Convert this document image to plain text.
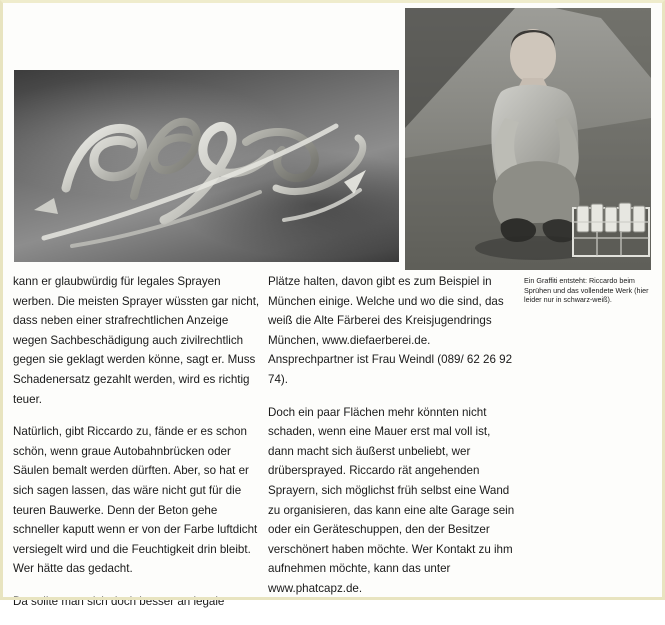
kann er glaubwürdig für legales Sprayen werben. Die meisten Sprayer wüssten gar nicht, dass neben einer strafrechtlichen Anzeige wegen Sachbeschädigung auch zivilrechtlich gegen sie geklagt werden könne, sagt er. Muss Schadenersatz gezahlt werden, wird es richtig teuer.

Natürlich, gibt Riccardo zu, fände er es schon schön, wenn graue Autobahnbrücken oder Säulen bemalt werden dürften. Aber, so hat er sich sagen lassen, das wäre nicht gut für die teuren Bauwerke. Denn der Beton gehe schneller kaputt wenn er von der Farbe luftdicht versiegelt wird und die Feuchtigkeit drin bleibt. Wer hätte das gedacht.

Da sollte man sich doch besser an legale

Plätze halten, davon gibt es zum Beispiel in München einige. Welche und wo die sind, das weiß die Alte Färberei des Kreisjugendrings München, www.diefaerberei.de. Ansprechpartner ist Frau Weindl (089/ 62 26 92 74).

Doch ein paar Flächen mehr könnten nicht schaden, wenn eine Mauer erst mal voll ist, dann macht sich äußerst unbeliebt, wer drübersprayed. Riccardo rät angehenden Sprayern, sich möglichst früh selbst eine Wand zu organisieren, das kann eine alte Garage sein oder ein Geräteschuppen, den der Besitzer verschönert haben möchte. Wer Kontakt zu ihm aufnehmen möchte, kann das unter www.phatcapz.de.

Ein Graffiti entsteht: Riccardo beim Sprühen und das vollendete Werk (hier leider nur in schwarz-weiß).
